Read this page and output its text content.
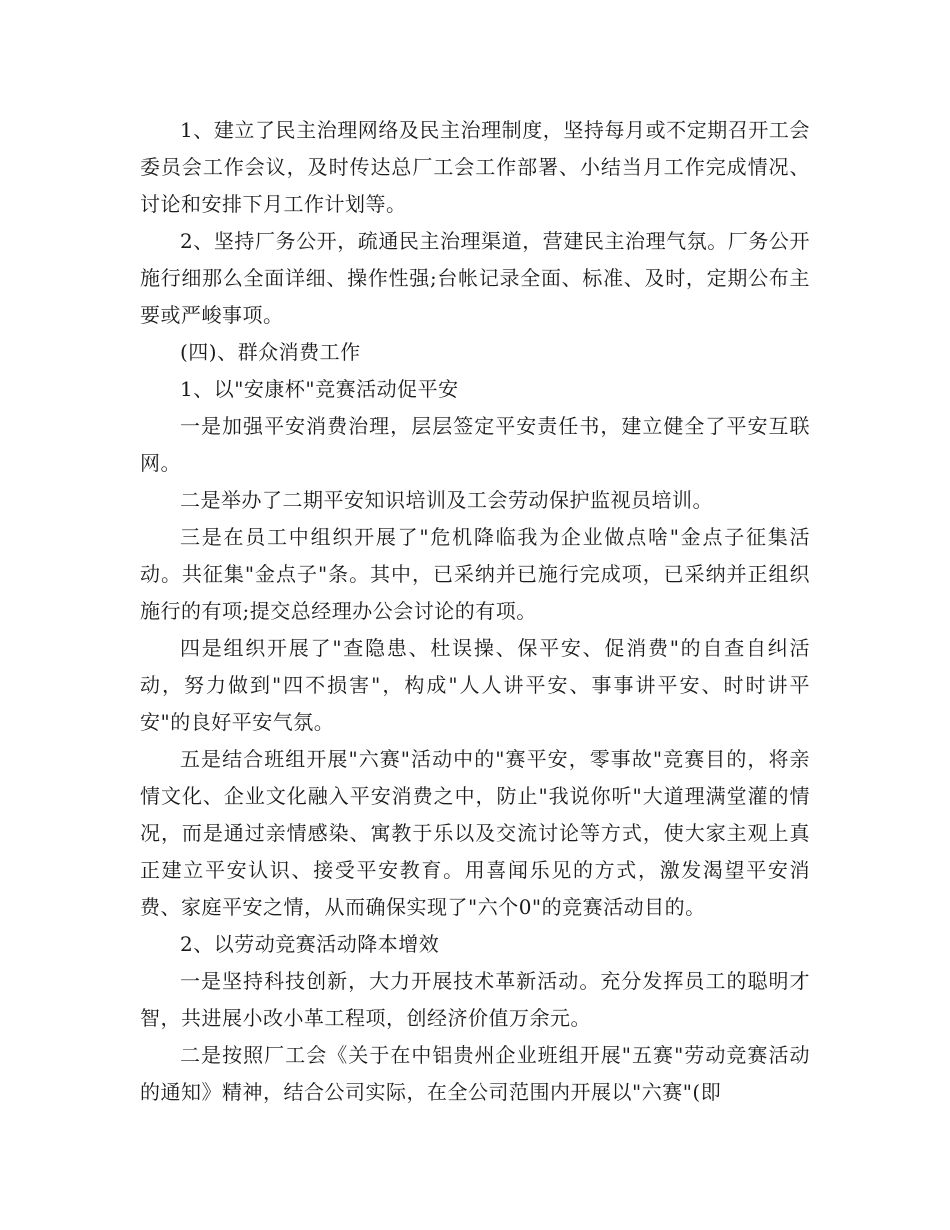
1、建立了民主治理网络及民主治理制度，坚持每月或不定期召开工会委员会工作会议，及时传达总厂工会工作部署、小结当月工作完成情况、讨论和安排下月工作计划等。

2、坚持厂务公开，疏通民主治理渠道，营建民主治理气氛。厂务公开施行细那么全面详细、操作性强;台帐记录全面、标准、及时，定期公布主要或严峻事项。

(四)、群众消费工作

1、以"安康杯"竞赛活动促平安

一是加强平安消费治理，层层签定平安责任书，建立健全了平安互联网。

二是举办了二期平安知识培训及工会劳动保护监视员培训。

三是在员工中组织开展了"危机降临我为企业做点啥"金点子征集活动。共征集"金点子"条。其中，已采纳并已施行完成项，已采纳并正组织施行的有项;提交总经理办公会讨论的有项。

四是组织开展了"查隐患、杜误操、保平安、促消费"的自查自纠活动，努力做到"四不损害"，构成"人人讲平安、事事讲平安、时时讲平安"的良好平安气氛。

五是结合班组开展"六赛"活动中的"赛平安，零事故"竞赛目的，将亲情文化、企业文化融入平安消费之中，防止"我说你听"大道理满堂灌的情况，而是通过亲情感染、寓教于乐以及交流讨论等方式，使大家主观上真正建立平安认识、接受平安教育。用喜闻乐见的方式，激发渴望平安消费、家庭平安之情，从而确保实现了"六个0"的竞赛活动目的。

2、以劳动竞赛活动降本增效

一是坚持科技创新，大力开展技术革新活动。充分发挥员工的聪明才智，共进展小改小革工程项，创经济价值万余元。

二是按照厂工会《关于在中铝贵州企业班组开展"五赛"劳动竞赛活动的通知》精神，结合公司实际，在全公司范围内开展以"六赛"(即
